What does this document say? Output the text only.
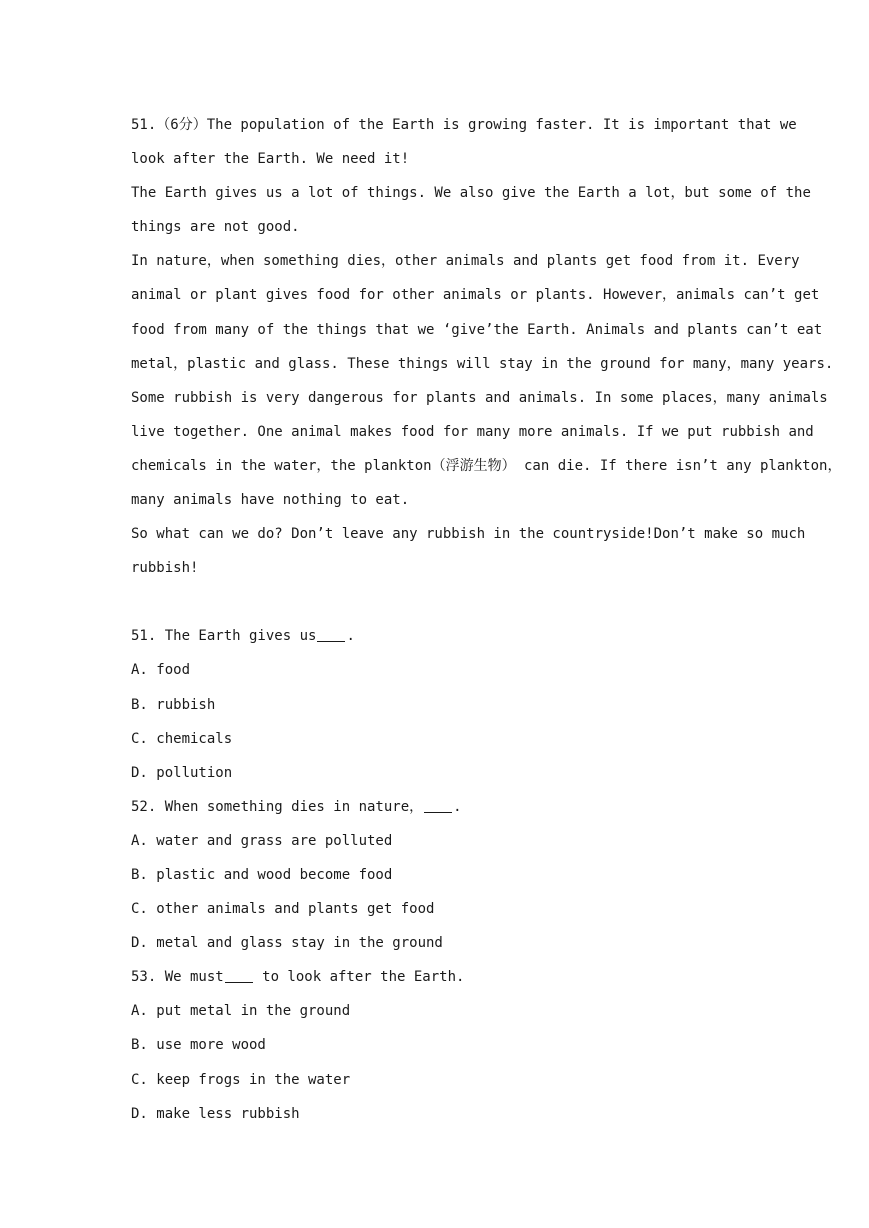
51.（6分）The population of the Earth is growing faster. It is important that we
look after the Earth. We need it!
The Earth gives us a lot of things. We also give the Earth a lot，but some of the
things are not good.
In nature，when something dies，other animals and plants get food from it. Every
animal or plant gives food for other animals or plants. However，animals can’t get
food from many of the things that we ‘give’the Earth. Animals and plants can’t eat
metal，plastic and glass. These things will stay in the ground for many，many years.
Some rubbish is very dangerous for plants and animals. In some places，many animals
live together. One animal makes food for many more animals. If we put rubbish and
chemicals in the water，the plankton（浮游生物） can die. If there isn’t any plankton，
many animals have nothing to eat.
So what can we do? Don’t leave any rubbish in the countryside!Don’t make so much
rubbish!
51. The Earth gives us .
A. food
B. rubbish
C. chemicals
D. pollution
52. When something dies in nature， .
A. water and grass are polluted
B. plastic and wood become food
C. other animals and plants get food
D. metal and glass stay in the ground
53. We must to look after the Earth.
A. put metal in the ground
B. use more wood
C. keep frogs in the water
D. make less rubbish
